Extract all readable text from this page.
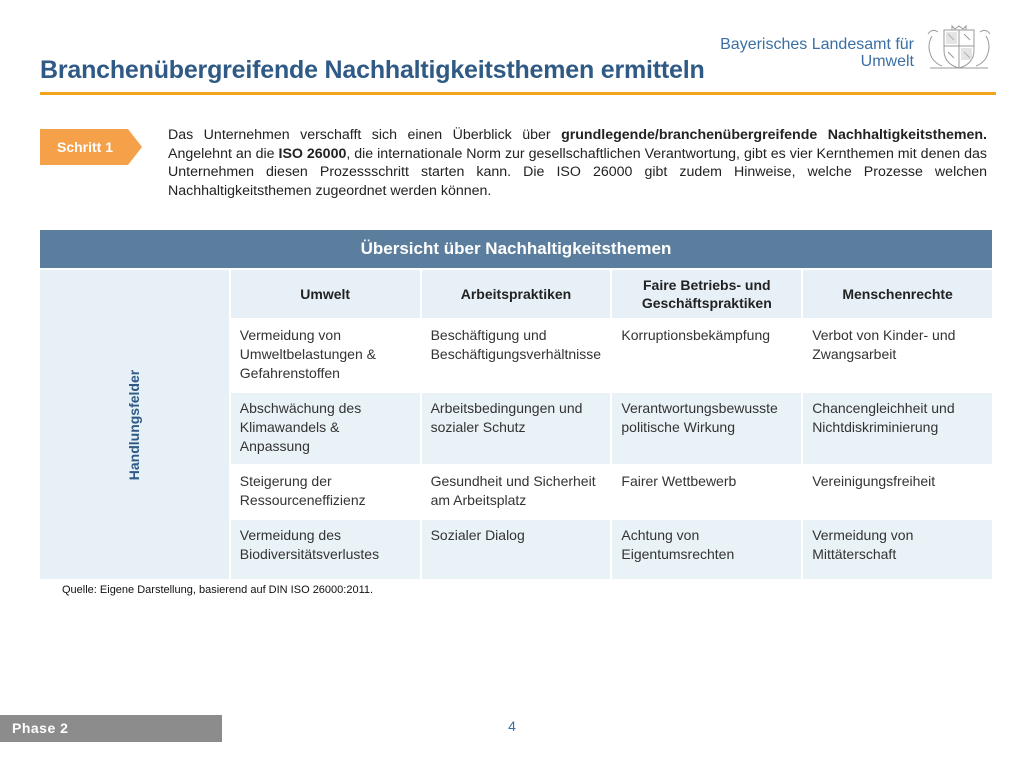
Bayerisches Landesamt für
Umwelt
Branchenübergreifende Nachhaltigkeitsthemen ermitteln
Schritt 1

Das Unternehmen verschafft sich einen Überblick über grundlegende/branchenübergreifende Nachhaltigkeitsthemen. Angelehnt an die ISO 26000, die internationale Norm zur gesellschaftlichen Verantwortung, gibt es vier Kernthemen mit denen das Unternehmen diesen Prozessschritt starten kann. Die ISO 26000 gibt zudem Hinweise, welche Prozesse welchen Nachhaltigkeitsthemen zugeordnet werden können.

Übersicht über Nachhaltigkeitsthemen				

Handlungsfelder	Umwelt	Arbeitspraktiken	Faire Betriebs- und Geschäftspraktiken	Menschenrechte
	Vermeidung von Umweltbelastungen & Gefahrenstoffen	Beschäftigung und Beschäftigungsverhältnisse	Korruptionsbekämpfung	Verbot von Kinder- und Zwangsarbeit
	Abschwächung des Klimawandels & Anpassung	Arbeitsbedingungen und sozialer Schutz	Verantwortungsbewusste politische Wirkung	Chancengleichheit und Nichtdiskriminierung
	Steigerung der Ressourceneffizienz	Gesundheit und Sicherheit am Arbeitsplatz	Fairer Wettbewerb	Vereinigungsfreiheit
	Vermeidung des Biodiversitätsverlustes	Sozialer Dialog	Achtung von Eigentumsrechten	Vermeidung von Mittäterschaft

Quelle: Eigene Darstellung, basierend auf DIN ISO 26000:2011.

Phase 2	4
